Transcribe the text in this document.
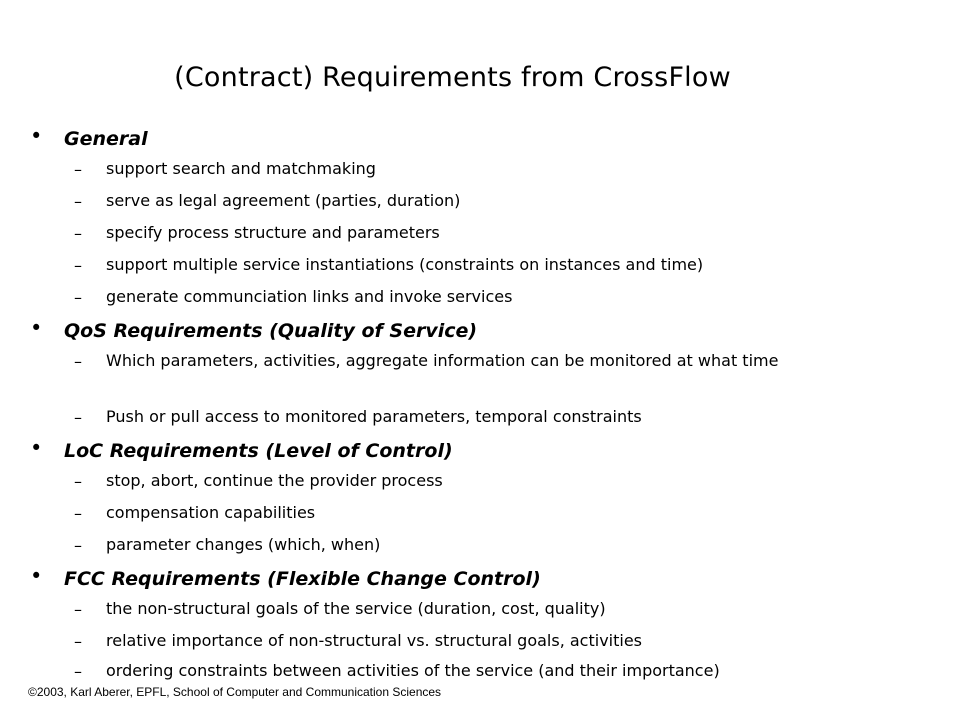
(Contract) Requirements from CrossFlow
• General
– support search and matchmaking
– serve as legal agreement (parties, duration)
– specify process structure and parameters
– support multiple service instantiations (constraints on instances and time)
– generate communciation links and invoke services
• QoS Requirements (Quality of Service)
– Which parameters, activities, aggregate information can be monitored at what time
– Push or pull access to monitored parameters, temporal constraints
• LoC Requirements (Level of Control)
– stop, abort, continue the provider process
– compensation capabilities
– parameter changes (which, when)
• FCC Requirements (Flexible Change Control)
– the non-structural goals of the service (duration, cost, quality)
– relative importance of non-structural vs. structural goals, activities
– ordering constraints between activities of the service (and their importance)
©2003, Karl Aberer, EPFL, School of Computer and Communication Sciences
